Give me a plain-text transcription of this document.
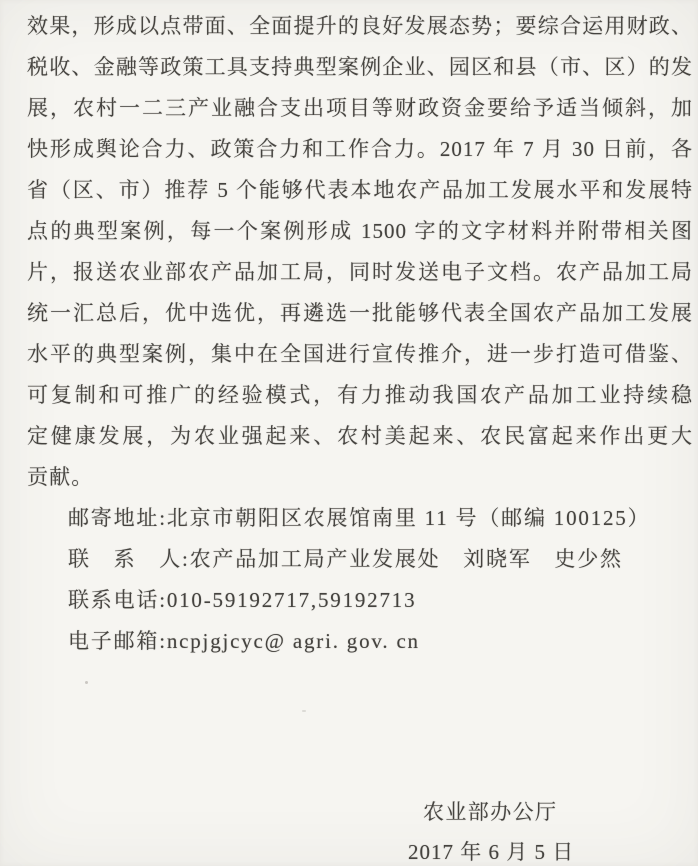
效果，形成以点带面、全面提升的良好发展态势；要综合运用财政、
税收、金融等政策工具支持典型案例企业、园区和县（市、区）的发
展，农村一二三产业融合支出项目等财政资金要给予适当倾斜，加
快形成舆论合力、政策合力和工作合力。2017 年 7 月 30 日前，各
省（区、市）推荐 5 个能够代表本地农产品加工发展水平和发展特
点的典型案例，每一个案例形成 1500 字的文字材料并附带相关图
片，报送农业部农产品加工局，同时发送电子文档。农产品加工局
统一汇总后，优中选优，再遴选一批能够代表全国农产品加工发展
水平的典型案例，集中在全国进行宣传推介，进一步打造可借鉴、
可复制和可推广的经验模式，有力推动我国农产品加工业持续稳
定健康发展，为农业强起来、农村美起来、农民富起来作出更大
贡献。
邮寄地址:北京市朝阳区农展馆南里 11 号（邮编 100125）
联　系　人:农产品加工局产业发展处　刘晓军　史少然
联系电话:010-59192717,59192713
电子邮箱:ncpjgjcyc@ agri. gov. cn
农业部办公厅
2017 年 6 月 5 日
